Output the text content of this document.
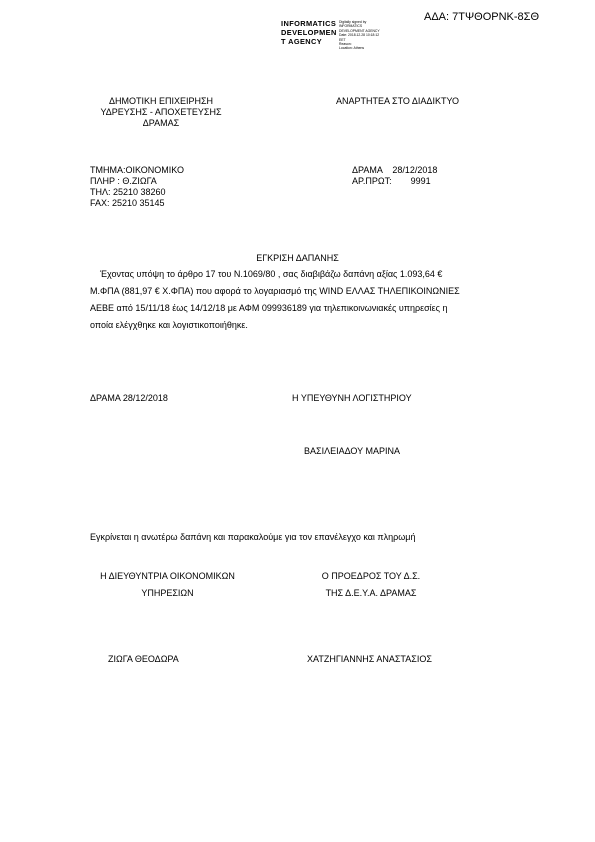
ΑΔΑ: 7ΤΨΘΟΡΝΚ-8ΣΘ
INFORMATICS
DEVELOPMEN
T AGENCY
Digitally signed by
INFORMATICS
DEVELOPMENT AGENCY
Date: 2018.12.28 10:18:12
EET
Reason:
Location: Athens
ΔΗΜΟΤΙΚΗ ΕΠΙΧΕΙΡΗΣΗ
ΥΔΡΕΥΣΗΣ - ΑΠΟΧΕΤΕΥΣΗΣ
ΔΡΑΜΑΣ
ΑΝΑΡΤΗΤΕΑ ΣΤΟ ΔΙΑΔΙΚΤΥΟ
ΤΜΗΜΑ:ΟΙΚΟΝΟΜΙΚΟ
ΠΛΗΡ : Θ.ΖΙΩΓΑ
ΤΗΛ: 25210 38260
FAX: 25210 35145
ΔΡΑΜΑ    28/12/2018
ΑΡ.ΠΡΩΤ: 9991
ΕΓΚΡΙΣΗ ΔΑΠΑΝΗΣ
Έχοντας υπόψη το άρθρο 17 του Ν.1069/80 , σας διαβιβάζω δαπάνη αξίας 1.093,64 €
Μ.ΦΠΑ (881,97 € Χ.ΦΠΑ) που αφορά το λογαριασμό της WIND ΕΛΛΑΣ ΤΗΛΕΠΙΚΟΙΝΩΝΙΕΣ
ΑΕΒΕ από 15/11/18 έως 14/12/18 με ΑΦΜ 099936189 για τηλεπικοινωνιακές υπηρεσίες η
οποία ελέγχθηκε και λογιστικοποιήθηκε.
ΔΡΑΜΑ 28/12/2018	Η ΥΠΕΥΘΥΝΗ ΛΟΓΙΣΤΗΡΙΟΥ
ΒΑΣΙΛΕΙΑΔΟΥ ΜΑΡΙΝΑ
Εγκρίνεται η ανωτέρω δαπάνη και παρακαλούμε για τον επανέλεγχο και πληρωμή
Η ΔΙΕΥΘΥΝΤΡΙΑ ΟΙΚΟΝΟΜΙΚΩΝ
ΥΠΗΡΕΣΙΩΝ
Ο ΠΡΟΕΔΡΟΣ ΤΟΥ Δ.Σ.
ΤΗΣ Δ.Ε.Υ.Α. ΔΡΑΜΑΣ
ΖΙΩΓΑ ΘΕΟΔΩΡΑ	ΧΑΤΖΗΓΙΑΝΝΗΣ ΑΝΑΣΤΑΣΙΟΣ
